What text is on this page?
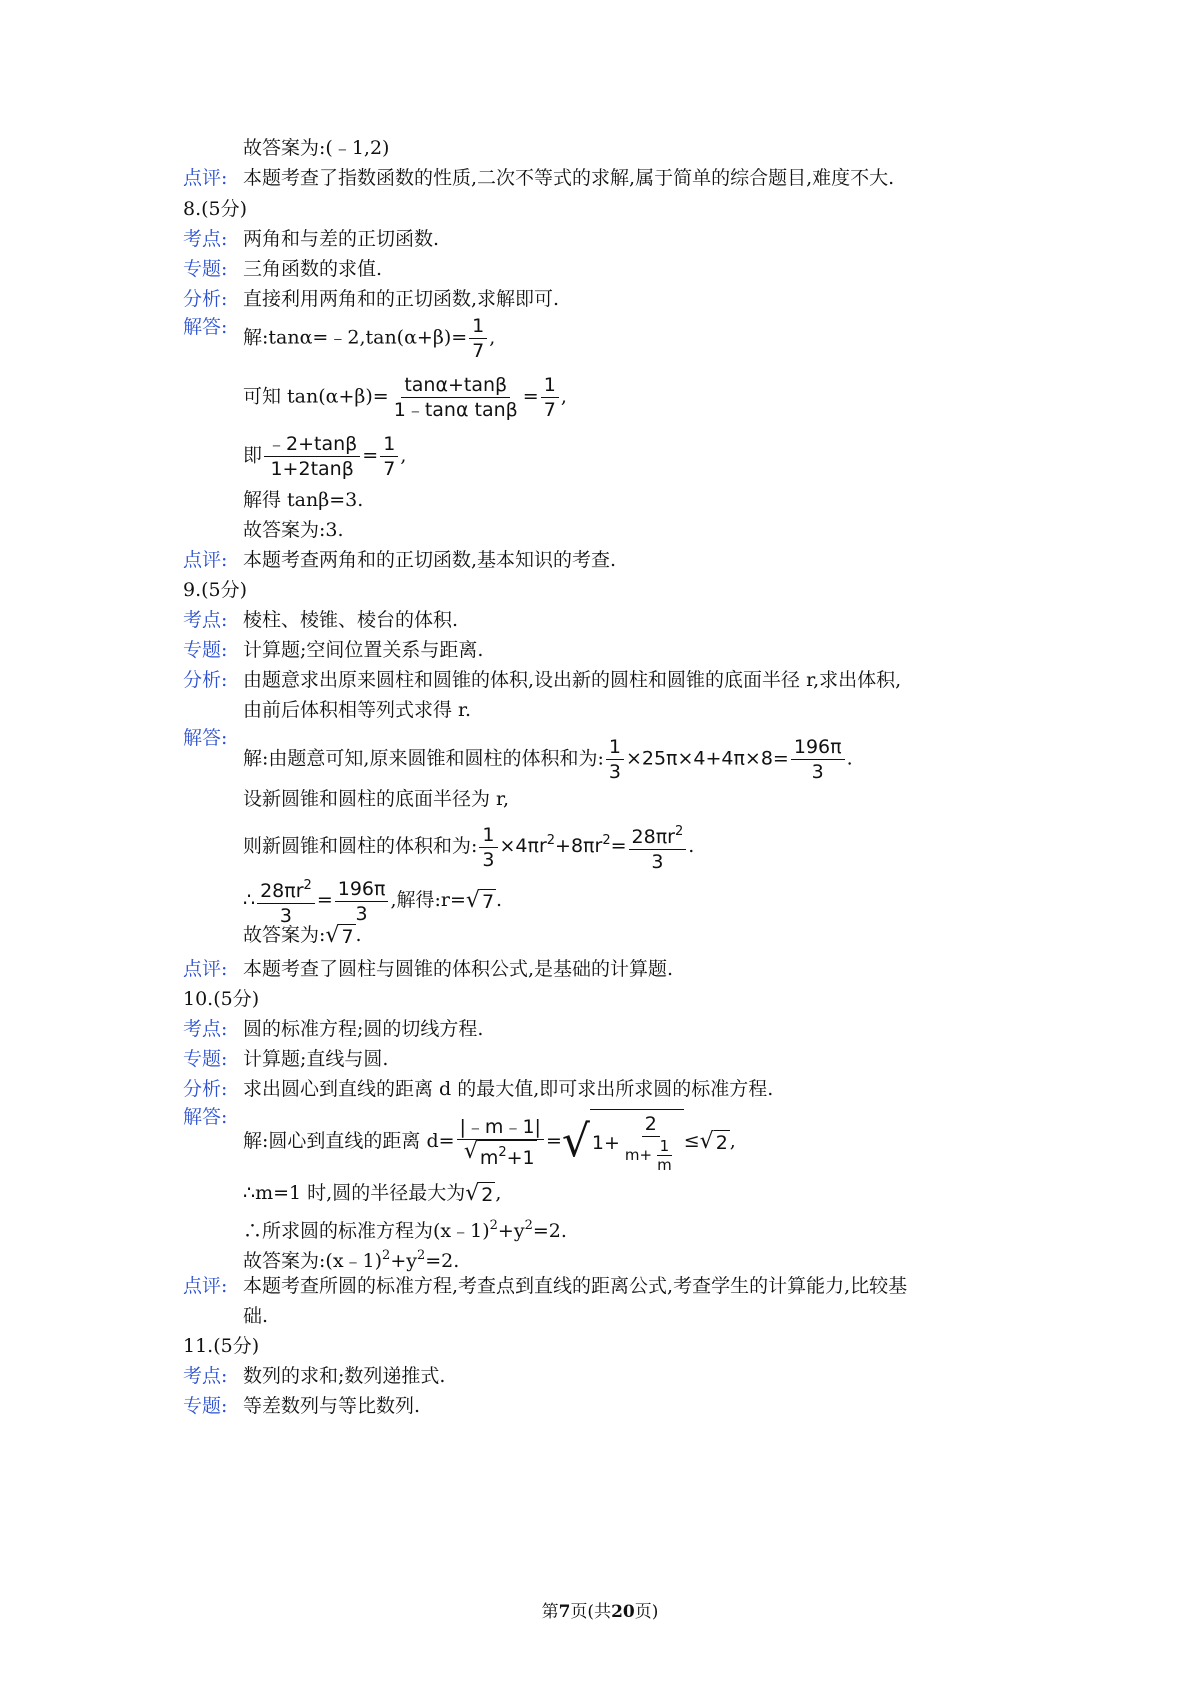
故答案为:(﹣1,2)
点评: 本题考查了指数函数的性质,二次不等式的求解,属于简单的综合题目,难度不大.
8.(5分)
考点: 两角和与差的正切函数.
专题: 三角函数的求值.
分析: 直接利用两角和的正切函数,求解即可.
解答: 解:tanα=﹣2,tan(α+β)= $\frac{1}{7}$ ,
可知 $\tan(\alpha+\beta)= \frac{\tan\alpha+\tan\beta}{\text{1﹣tanα tanβ}} = \frac{1}{7}$ ,
即 $\frac{﹣2+\tan\beta}{1+2\tan\beta} = \frac{1}{7}$ ,
解得 tanβ=3.
故答案为:3.
点评: 本题考查两角和的正切函数,基本知识的考查.
9.(5分)
考点: 棱柱、棱锥、棱台的体积.
专题: 计算题;空间位置关系与距离.
分析: 由题意求出原来圆柱和圆锥的体积,设出新的圆柱和圆锥的底面半径 r,求出体积,
由前后体积相等列式求得 r.
解答:
解:由题意可知,原来圆锥和圆柱的体积和为: $\frac{1}{3} \times 25\pi\times 4+4\pi\times 8= \frac{196\pi}{3}$ .
设新圆锥和圆柱的底面半径为 r,
则新圆锥和圆柱的体积和为: $\frac{1}{3} \times 4\pi r^2+8\pi r^2= \frac{28\pi r^2}{3}$ .
∴ $\frac{28\pi r^2}{3} = \frac{196\pi}{3}$ ,解得:r= √ 7 .
故答案为: √ 7 .
点评: 本题考查了圆柱与圆锥的体积公式,是基础的计算题.
10.(5分)
考点: 圆的标准方程;圆的切线方程.
专题: 计算题;直线与圆.
分析: 求出圆心到直线的距离 d 的最大值,即可求出所求圆的标准方程.
解答:
解:圆心到直线的距离 $d= \frac{|﹣m﹣1|}{√ m^2+1}$ = √ $1+ \frac{2}{m+ \frac{1}{m}}$ ≤ √ 2 ,
∴m=1 时,圆的半径最大为 √ 2 ,
∴所求圆的标准方程为$(x﹣1)^2+y^2=2$.
故答案为$:(x﹣1)^2+y^2=2$.
点评: 本题考查所圆的标准方程,考查点到直线的距离公式,考查学生的计算能力,比较基
础.
11.(5分)
考点: 数列的求和;数列递推式.
专题: 等差数列与等比数列.
第7页(共20页)
